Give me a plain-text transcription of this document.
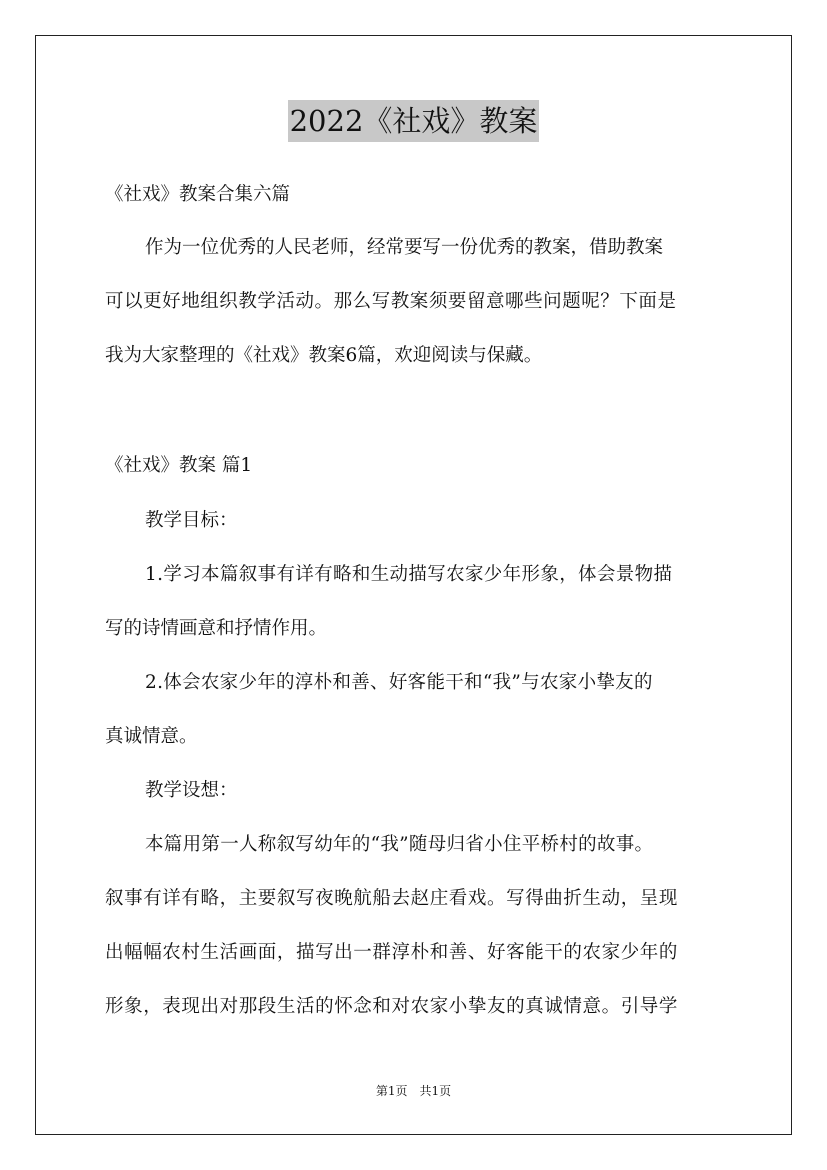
2022《社戏》教案
《社戏》教案合集六篇
作为一位优秀的人民老师，经常要写一份优秀的教案，借助教案
可以更好地组织教学活动。那么写教案须要留意哪些问题呢？下面是
我为大家整理的《社戏》教案6篇，欢迎阅读与保藏。
《社戏》教案 篇1
教学目标：
1.学习本篇叙事有详有略和生动描写农家少年形象，体会景物描
写的诗情画意和抒情作用。
2.体会农家少年的淳朴和善、好客能干和“我”与农家小挚友的
真诚情意。
教学设想：
本篇用第一人称叙写幼年的“我”随母归省小住平桥村的故事。
叙事有详有略，主要叙写夜晚航船去赵庄看戏。写得曲折生动，呈现
出幅幅农村生活画面，描写出一群淳朴和善、好客能干的农家少年的
形象，表现出对那段生活的怀念和对农家小挚友的真诚情意。引导学
第1页　共1页
